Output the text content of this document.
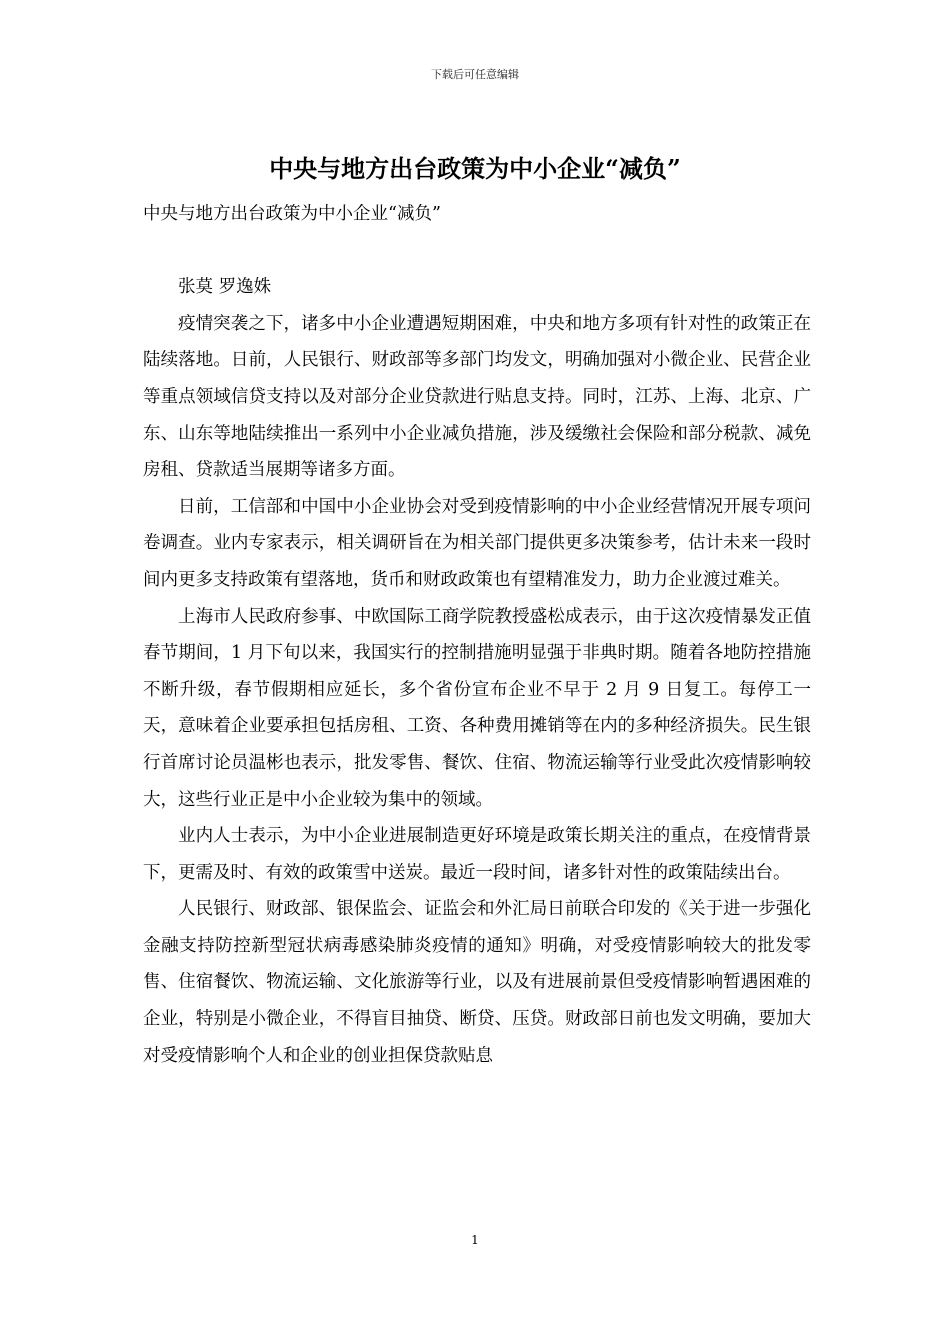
下载后可任意编辑
中央与地方出台政策为中小企业“减负”

中央与地方出台政策为中小企业“减负”

张莫 罗逸姝

疫情突袭之下，诸多中小企业遭遇短期困难，中央和地方多项有针对性的政策正在陆续落地。日前，人民银行、财政部等多部门均发文，明确加强对小微企业、民营企业等重点领域信贷支持以及对部分企业贷款进行贴息支持。同时，江苏、上海、北京、广东、山东等地陆续推出一系列中小企业减负措施，涉及缓缴社会保险和部分税款、减免房租、贷款适当展期等诸多方面。

日前，工信部和中国中小企业协会对受到疫情影响的中小企业经营情况开展专项问卷调查。业内专家表示，相关调研旨在为相关部门提供更多决策参考，估计未来一段时间内更多支持政策有望落地，货币和财政政策也有望精准发力，助力企业渡过难关。

上海市人民政府参事、中欧国际工商学院教授盛松成表示，由于这次疫情暴发正值春节期间，1 月下旬以来，我国实行的控制措施明显强于非典时期。随着各地防控措施不断升级，春节假期相应延长，多个省份宣布企业不早于 2 月 9 日复工。每停工一天，意味着企业要承担包括房租、工资、各种费用摊销等在内的多种经济损失。民生银行首席讨论员温彬也表示，批发零售、餐饮、住宿、物流运输等行业受此次疫情影响较大，这些行业正是中小企业较为集中的领域。

业内人士表示，为中小企业进展制造更好环境是政策长期关注的重点，在疫情背景下，更需及时、有效的政策雪中送炭。最近一段时间，诸多针对性的政策陆续出台。

人民银行、财政部、银保监会、证监会和外汇局日前联合印发的《关于进一步强化金融支持防控新型冠状病毒感染肺炎疫情的通知》明确，对受疫情影响较大的批发零售、住宿餐饮、物流运输、文化旅游等行业，以及有进展前景但受疫情影响暂遇困难的企业，特别是小微企业，不得盲目抽贷、断贷、压贷。财政部日前也发文明确，要加大对受疫情影响个人和企业的创业担保贷款贴息

1
